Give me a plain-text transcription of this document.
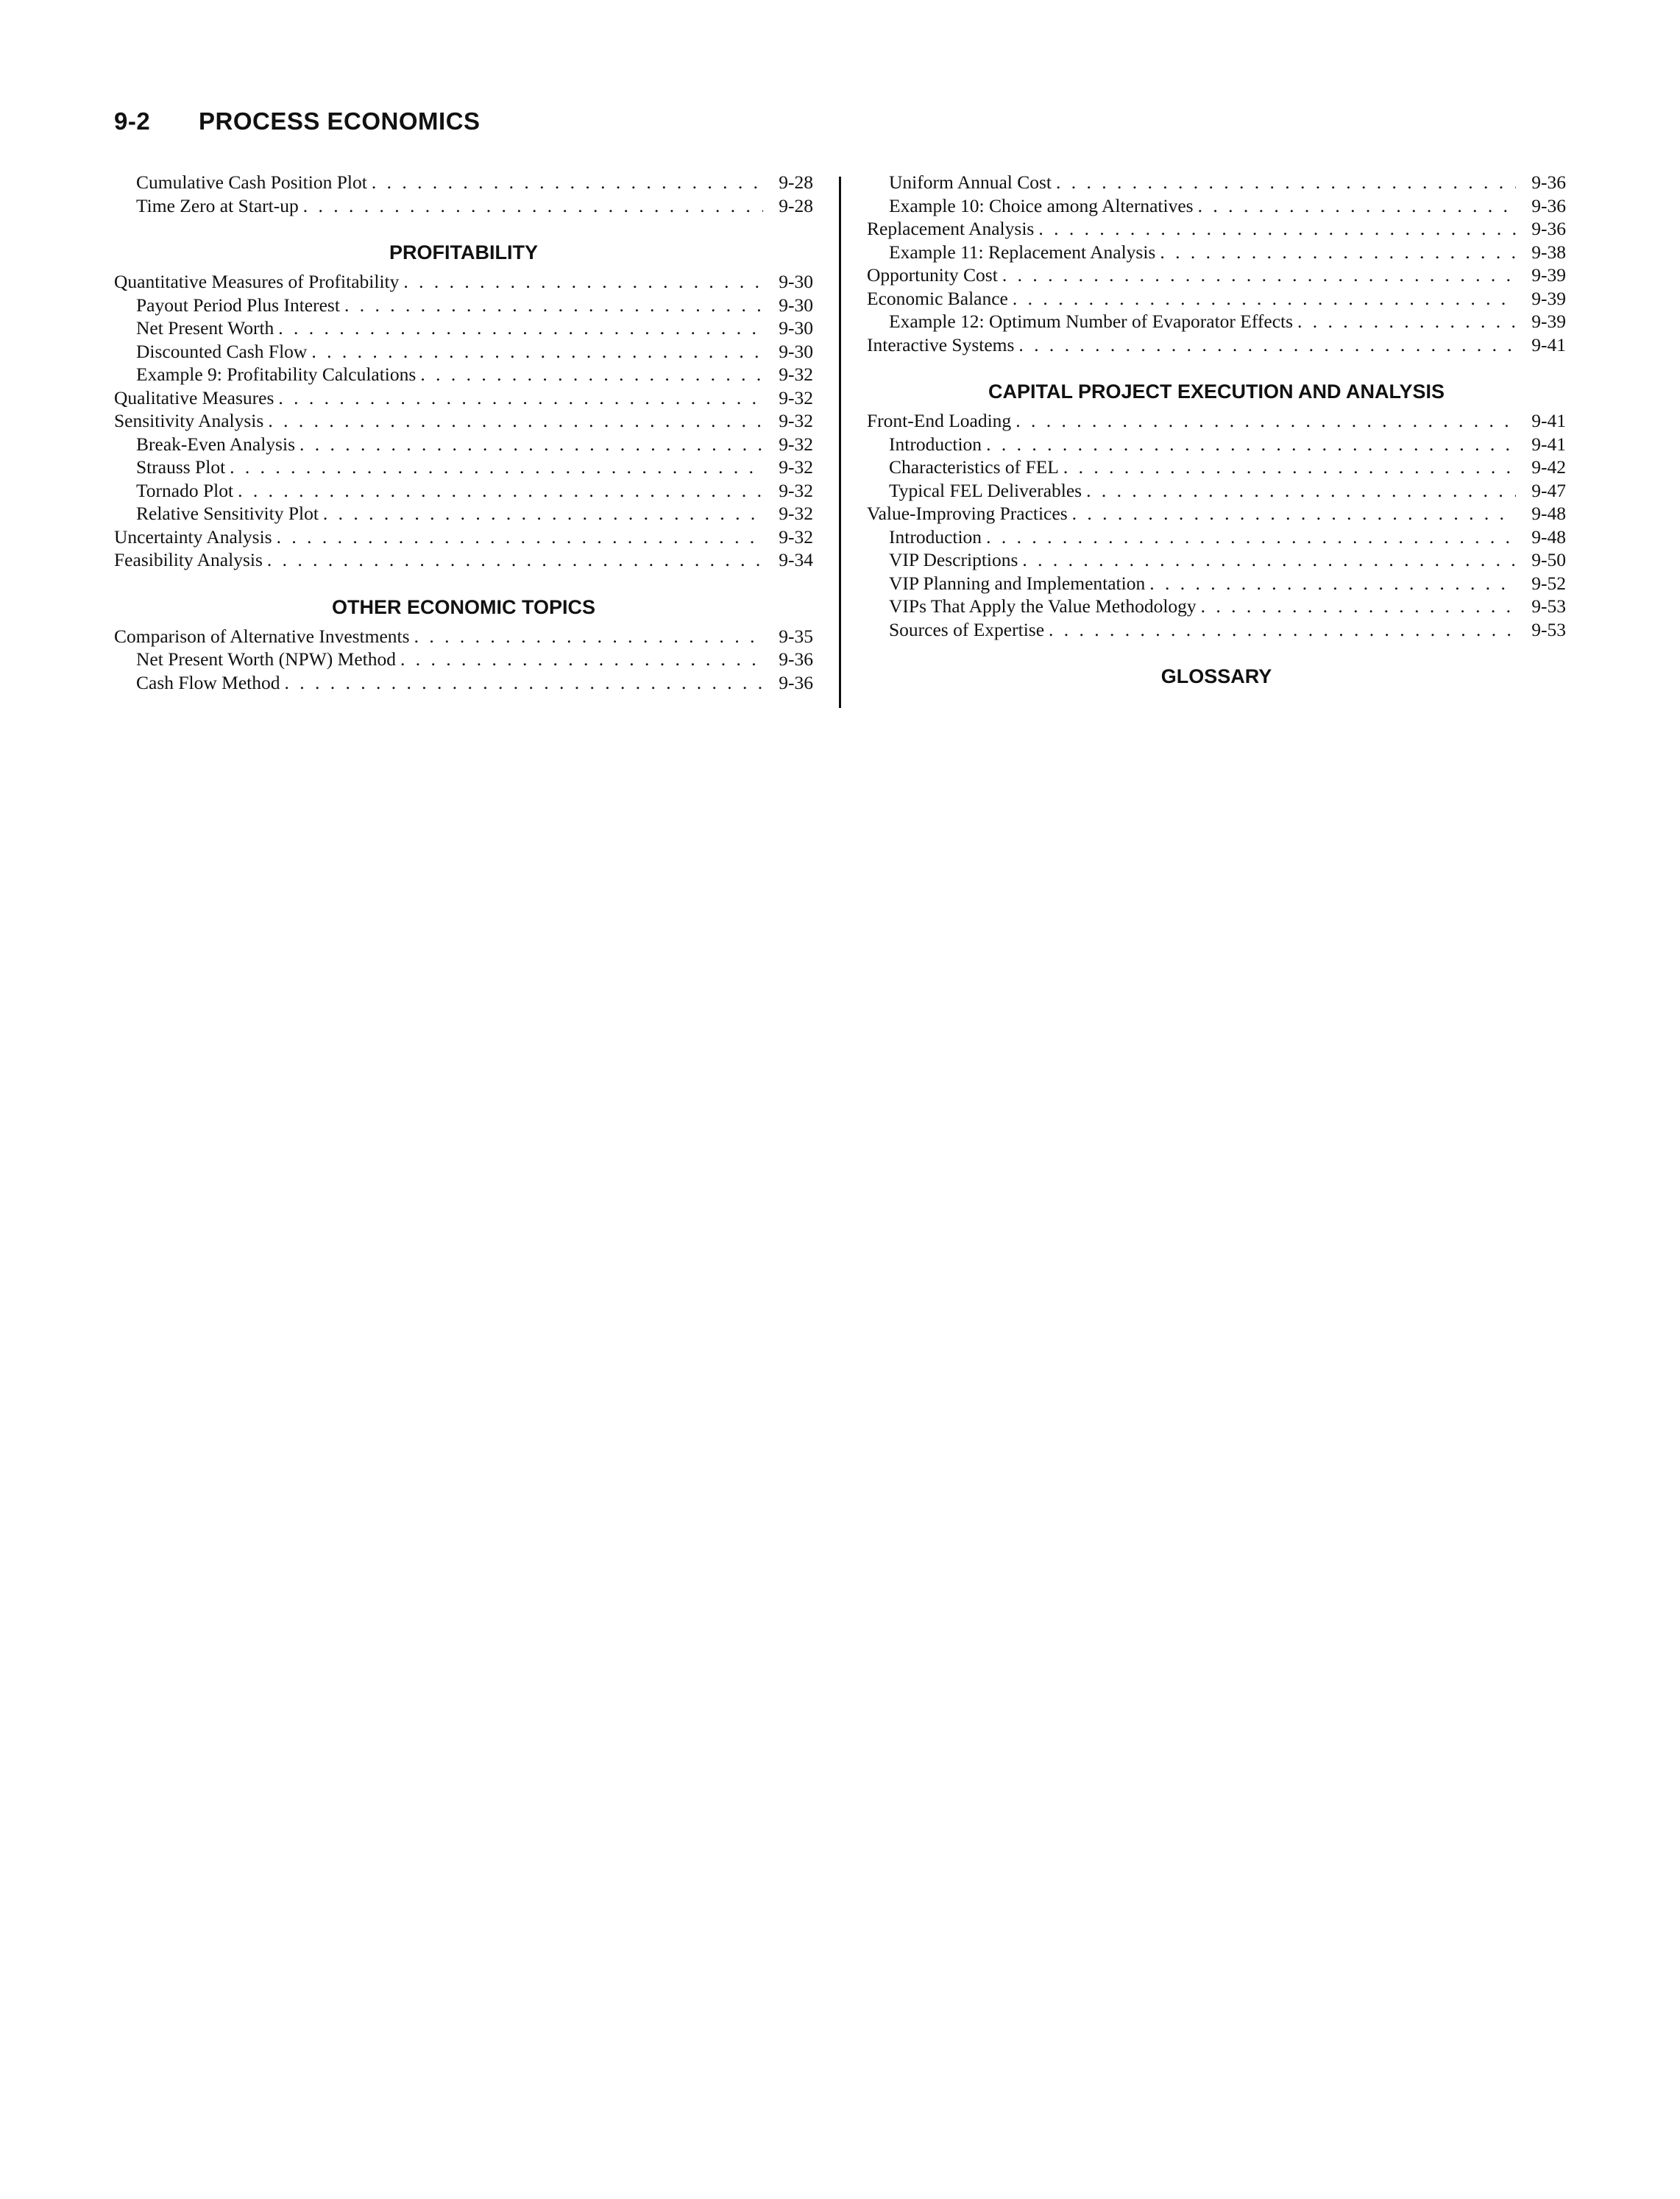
9-2 PROCESS ECONOMICS
Cumulative Cash Position Plot . . .	9-28
Time Zero at Start-up . . .	9-28
PROFITABILITY
Quantitative Measures of Profitability . . .	9-30
Payout Period Plus Interest . . .	9-30
Net Present Worth . . .	9-30
Discounted Cash Flow . . .	9-30
Example 9: Profitability Calculations . . .	9-32
Qualitative Measures . . .	9-32
Sensitivity Analysis . . .	9-32
Break-Even Analysis . . .	9-32
Strauss Plot . . .	9-32
Tornado Plot . . .	9-32
Relative Sensitivity Plot . . .	9-32
Uncertainty Analysis . . .	9-32
Feasibility Analysis . . .	9-34
OTHER ECONOMIC TOPICS
Comparison of Alternative Investments . . .	9-35
Net Present Worth (NPW) Method . . .	9-36
Cash Flow Method . . .	9-36
Uniform Annual Cost . . .	9-36
Example 10: Choice among Alternatives . . .	9-36
Replacement Analysis . . .	9-36
Example 11: Replacement Analysis . . .	9-38
Opportunity Cost . . .	9-39
Economic Balance . . .	9-39
Example 12: Optimum Number of Evaporator Effects . . .	9-39
Interactive Systems . . .	9-41
CAPITAL PROJECT EXECUTION AND ANALYSIS
Front-End Loading . . .	9-41
Introduction . . .	9-41
Characteristics of FEL . . .	9-42
Typical FEL Deliverables . . .	9-47
Value-Improving Practices . . .	9-48
Introduction . . .	9-48
VIP Descriptions . . .	9-50
VIP Planning and Implementation . . .	9-52
VIPs That Apply the Value Methodology . . .	9-53
Sources of Expertise . . .	9-53
GLOSSARY
